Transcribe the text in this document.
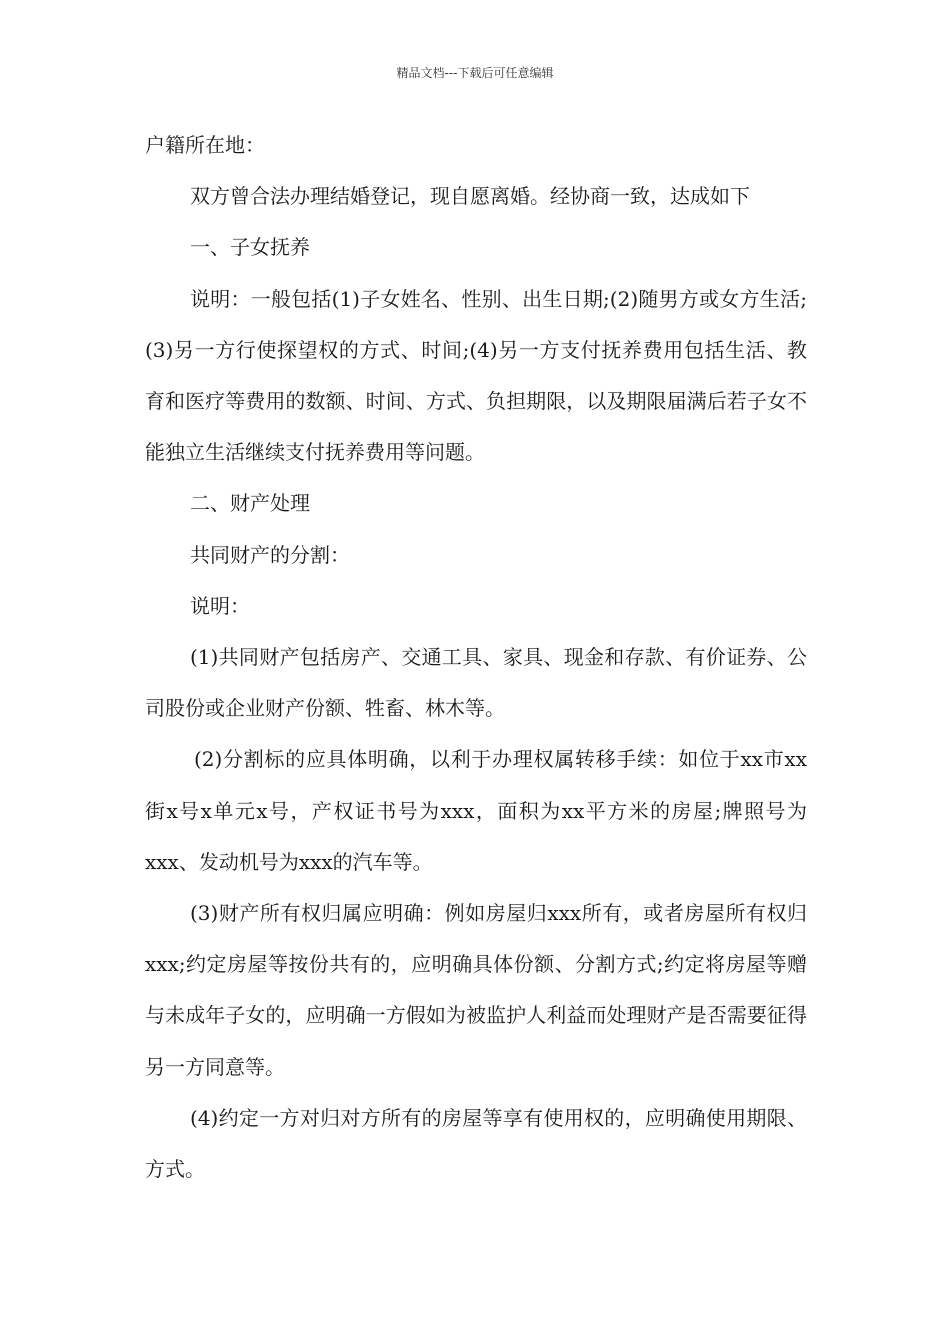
精品文档---下载后可任意编辑

户籍所在地：

双方曾合法办理结婚登记，现自愿离婚。经协商一致，达成如下

一、子女抚养

说明：一般包括(1)子女姓名、性别、出生日期;(2)随男方或女方生活;(3)另一方行使探望权的方式、时间;(4)另一方支付抚养费用包括生活、教育和医疗等费用的数额、时间、方式、负担期限，以及期限届满后若子女不能独立生活继续支付抚养费用等问题。

二、财产处理

共同财产的分割：

说明：

(1)共同财产包括房产、交通工具、家具、现金和存款、有价证券、公司股份或企业财产份额、牲畜、林木等。

(2)分割标的应具体明确，以利于办理权属转移手续：如位于xx市xx街x号x单元x号，产权证书号为xxx，面积为xx平方米的房屋;牌照号为xxx、发动机号为xxx的汽车等。

(3)财产所有权归属应明确：例如房屋归xxx所有，或者房屋所有权归xxx;约定房屋等按份共有的，应明确具体份额、分割方式;约定将房屋等赠与未成年子女的，应明确一方假如为被监护人利益而处理财产是否需要征得另一方同意等。

(4)约定一方对归对方所有的房屋等享有使用权的，应明确使用期限、方式。
